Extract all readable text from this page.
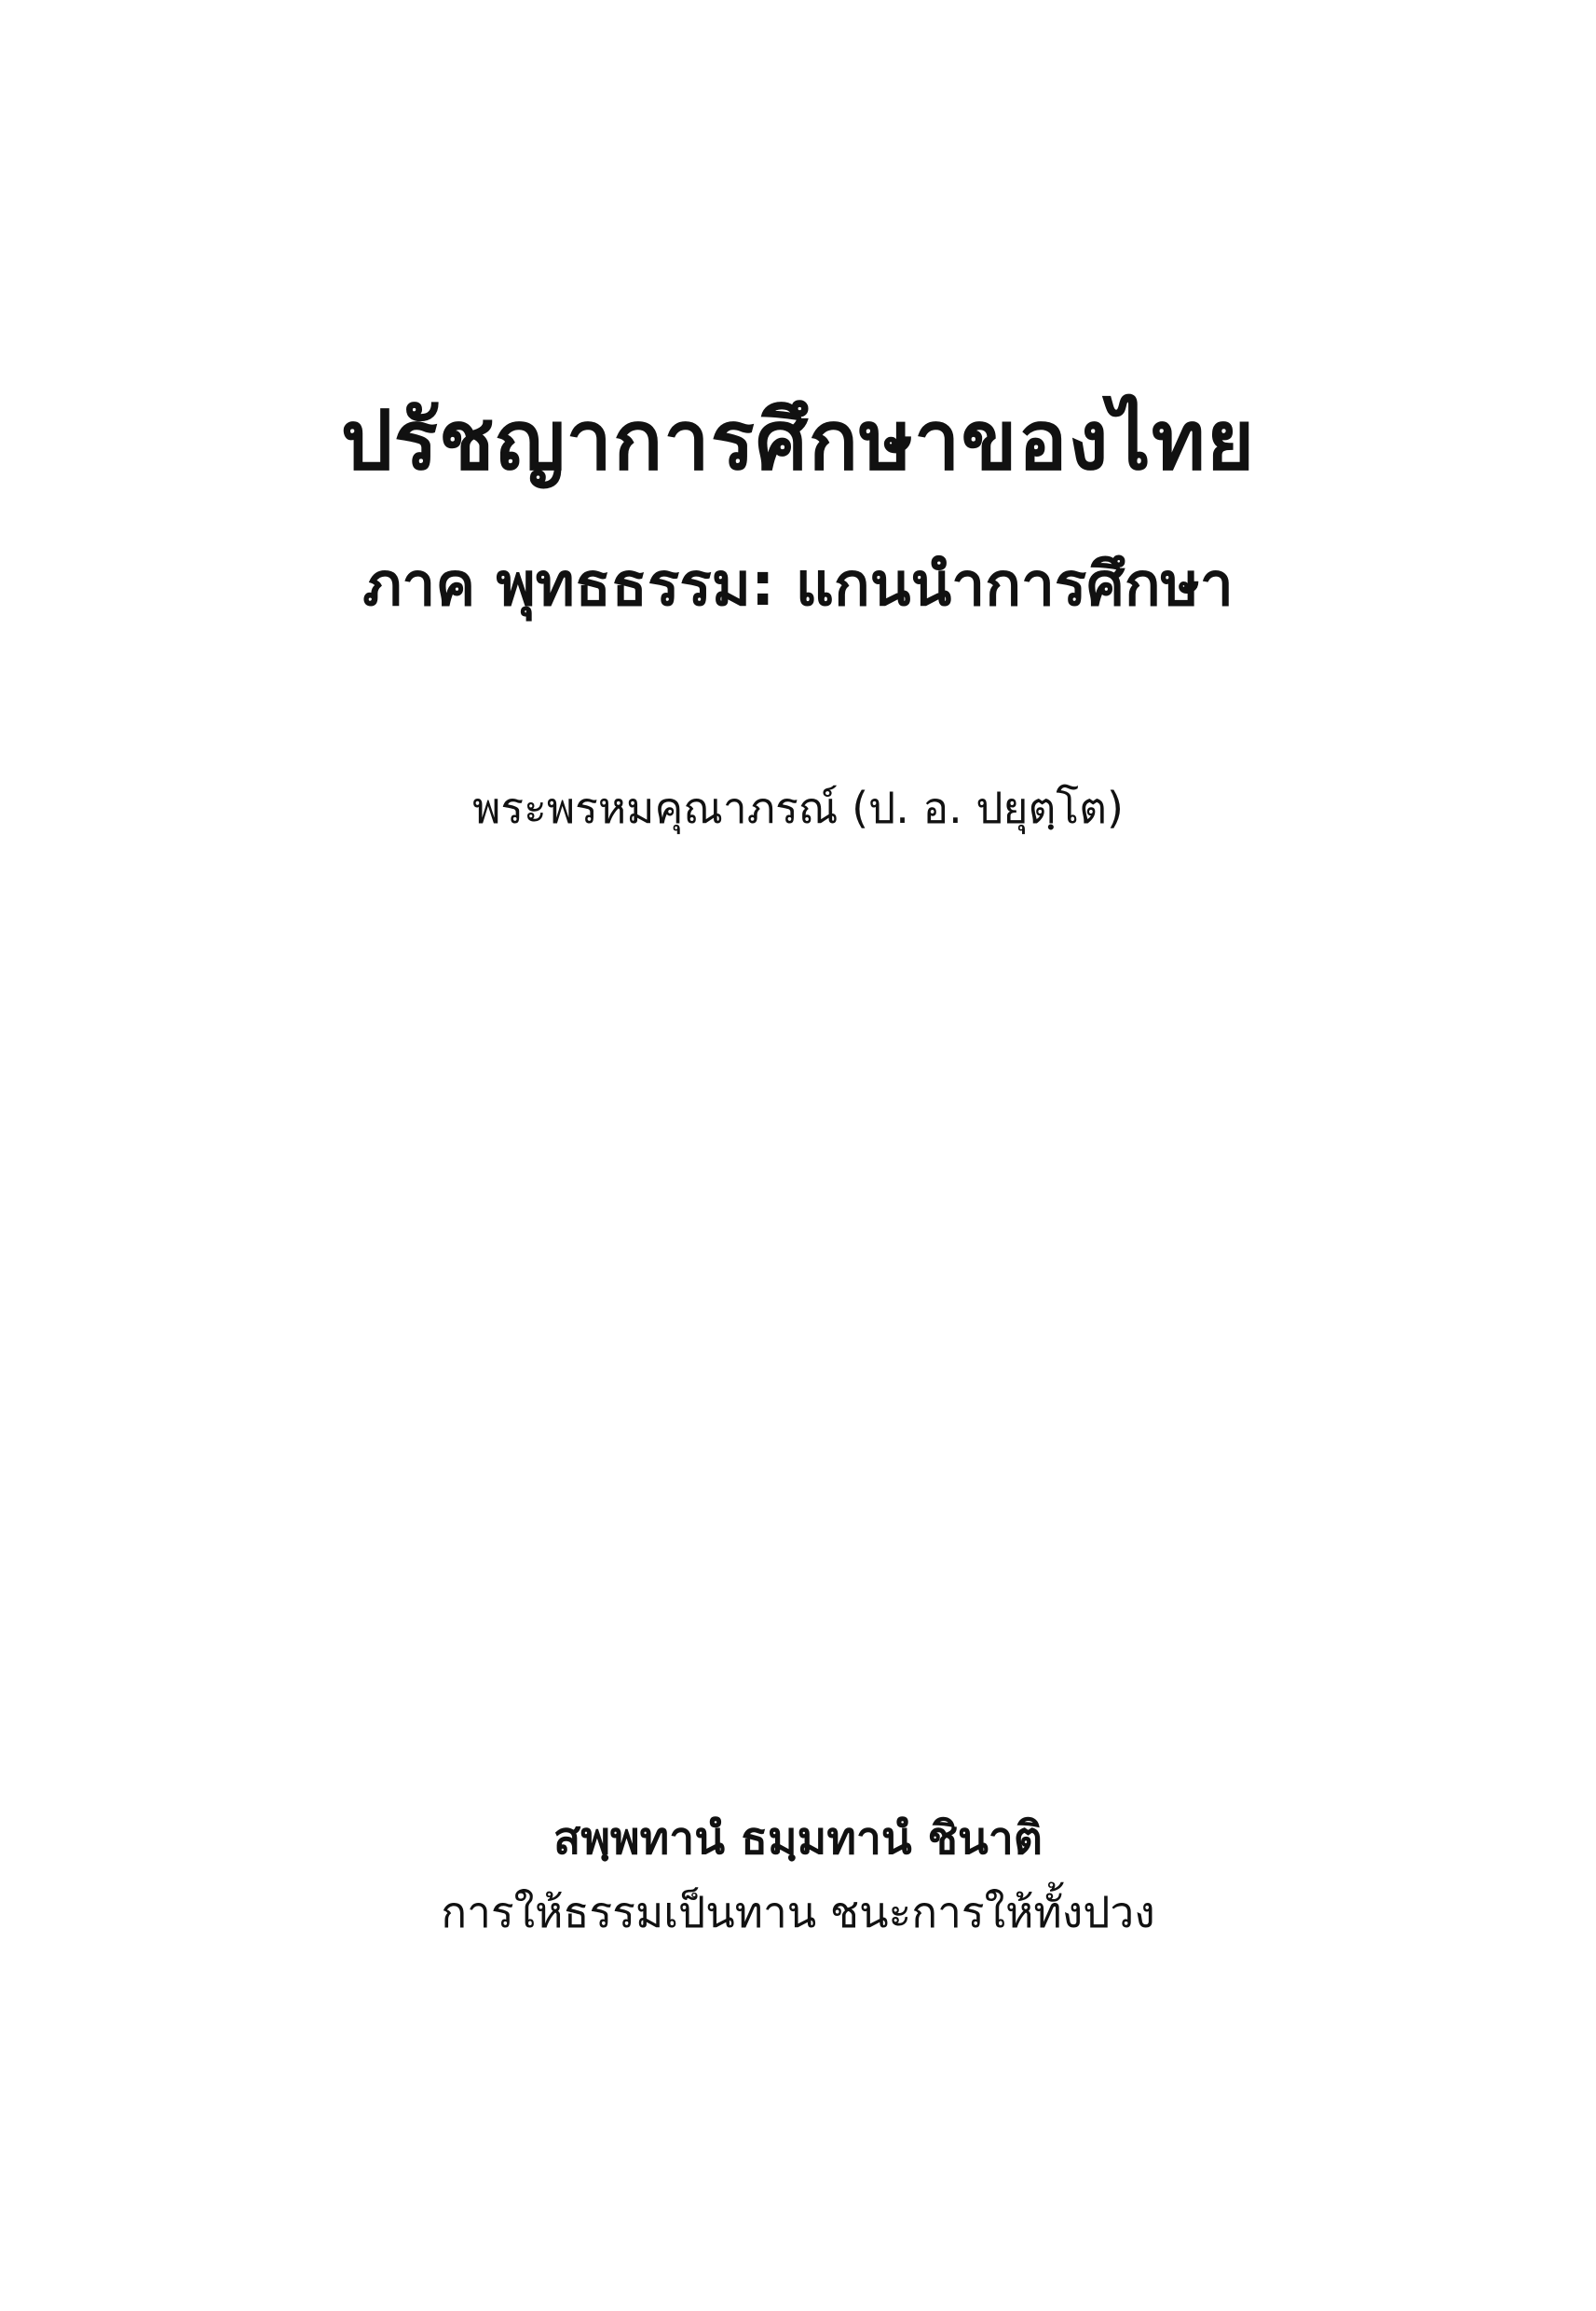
ปรัชญาการศึกษาของไทย
ภาค พุทธธรรม: แกนนำการศึกษา
พระพรหมคุณาภรณ์ (ป. อ. ปยุตฺโต)
สพฺพทานํ ธมฺมทานํ ชินาติ
การให้ธรรมเป็นทาน ชนะการให้ทั้งปวง
